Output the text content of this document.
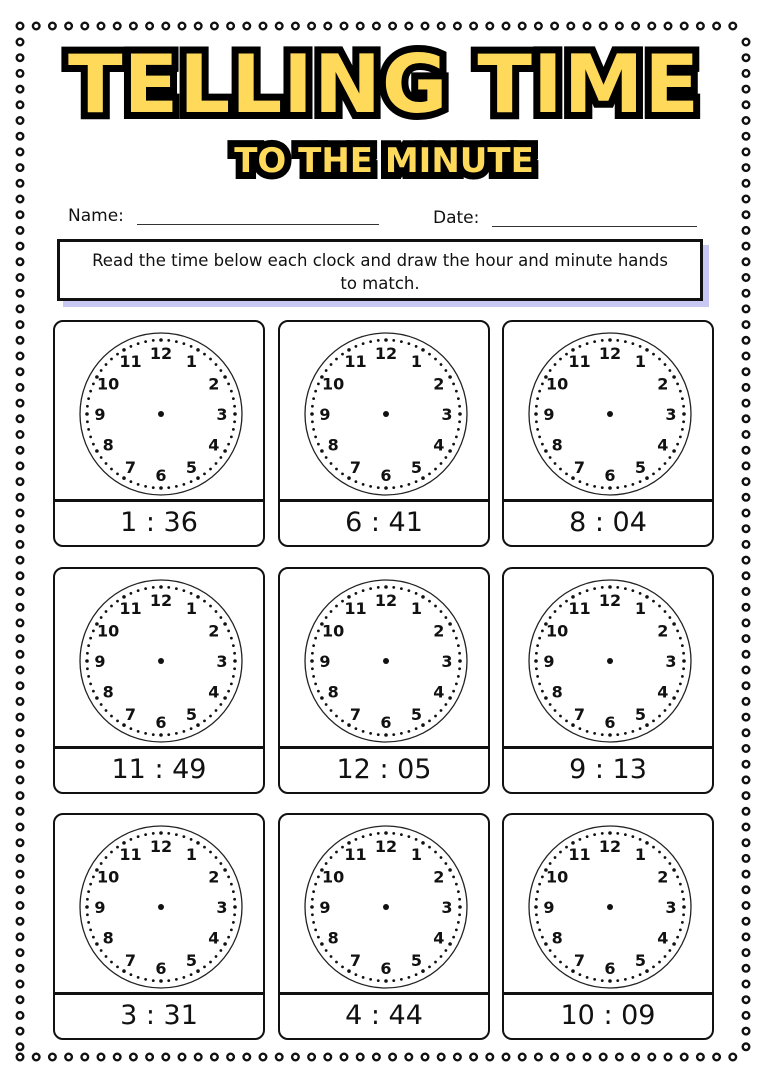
TELLING TIME
TO THE MINUTE
Name:	Date:
Read the time below each clock and draw the hour and minute hands to match.
12 1
2
3
4
5
6
7
8
9
10
11
1 : 36
12 1
2
3
4
5
6
7
8
9
10
11
6 : 41
12 1
2
3
4
5
6
7
8
9
10
11
8 : 04
12 1
2
3
4
5
6
7
8
9
10
11
11 : 49
12 1
2
3
4
5
6
7
8
9
10
11
12 : 05
12 1
2
3
4
5
6
7
8
9
10
11
9 : 13
12 1
2
3
4
5
6
7
8
9
10
11
3 : 31
12 1
2
3
4
5
6
7
8
9
10
11
4 : 44
12 1
2
3
4
5
6
7
8
9
10
11
10 : 09
